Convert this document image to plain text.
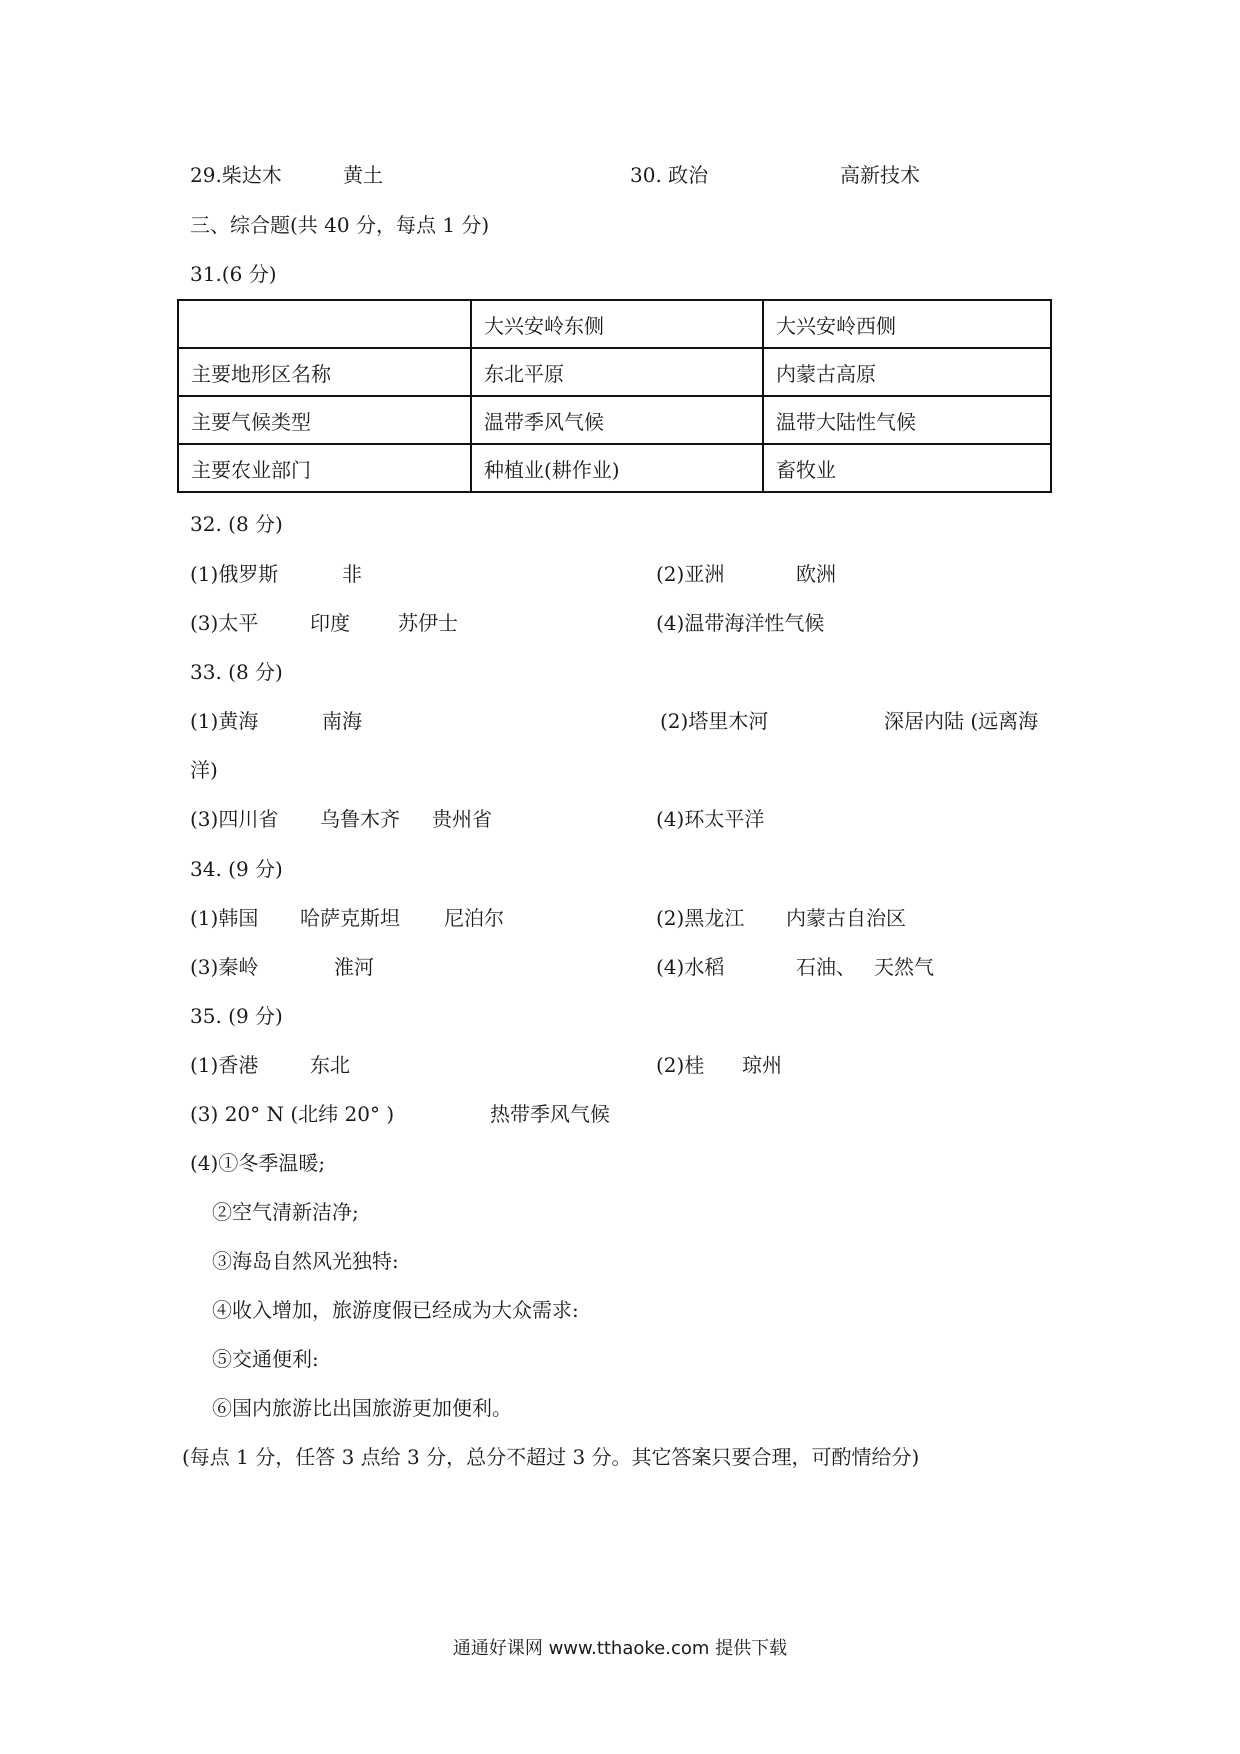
29.柴达木	黄土	30. 政治	高新技术
三、综合题(共 40 分，每点 1 分)
31.(6 分)
	大兴安岭东侧	大兴安岭西侧
主要地形区名称	东北平原	内蒙古高原
主要气候类型	温带季风气候	温带大陆性气候
主要农业部门	种植业(耕作业)	畜牧业
32. (8 分)
(1)俄罗斯	非	(2)亚洲	欧洲
(3)太平	印度 苏伊士	(4)温带海洋性气候
33. (8 分)
(1)黄海	南海	(2)塔里木河	深居内陆 (远离海
洋)
(3)四川省 乌鲁木齐 贵州省	(4)环太平洋
34. (9 分)
(1)韩国 哈萨克斯坦 尼泊尔	(2)黑龙江 内蒙古自治区
(3)秦岭	淮河	(4)水稻	石油、 天然气
35. (9 分)
(1)香港	东北	(2)桂 琼州
(3) 20° N (北纬 20° )	热带季风气候
(4)①冬季温暖;
②空气清新洁净;
③海岛自然风光独特:
④收入增加，旅游度假已经成为大众需求:
⑤交通便利:
⑥国内旅游比出国旅游更加便利。
(每点 1 分，任答 3 点给 3 分，总分不超过 3 分。其它答案只要合理，可酌情给分)
通通好课网 www.tthaoke.com 提供下载
